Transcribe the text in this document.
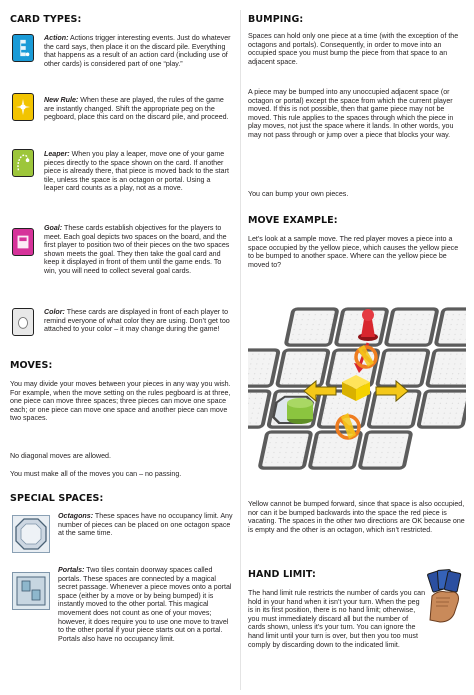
CARD TYPES:

Action: Actions trigger interesting events. Just do whatever the card says, then place it on the discard pile. Everything that happens as a result of an action card (including use of other cards) is considered part of one “play.”

New Rule: When these are played, the rules of the game are instantly changed. Shift the appropriate peg on the pegboard, place this card on the discard pile, and proceed.

Leaper: When you play a leaper, move one of your game pieces directly to the space shown on the card. If another piece is already there, that piece is moved back to the start tile, unless the space is an octagon or portal. Using a leaper card counts as a play, not as a move.

Goal: These cards establish objectives for the players to meet. Each goal depicts two spaces on the board, and the first player to position two of their pieces on the two spaces shown meets the goal. They then take the goal card and keep it displayed in front of them until the game ends. To win, you will need to collect several goal cards.

Color: These cards are displayed in front of each player to remind everyone of what color they are using. Don’t get too attached to your color – it may change during the game!

MOVES:

You may divide your moves between your pieces in any way you wish. For example, when the move setting on the rules pegboard is at three, one piece can move three spaces; three pieces can move one space each; or one piece can move one space and another piece can move two spaces.

No diagonal moves are allowed.

You must make all of the moves you can – no passing.

SPECIAL SPACES:

Octagons: These spaces have no occupancy limit. Any number of pieces can be placed on one octagon space at the same time.

Portals: Two tiles contain doorway spaces called portals. These spaces are connected by a magical secret passage. Whenever a piece moves onto a portal space (either by a move or by being bumped) it is instantly moved to the other portal. This magical movement does not count as one of your moves; however, it does require you to use one move to travel to the other portal if your piece starts out on a portal. Portals also have no occupancy limit.

BUMPING:

Spaces can hold only one piece at a time (with the exception of the octagons and portals). Consequently, in order to move into an occupied space you must bump the piece from that space to an adjacent space.

A piece may be bumped into any unoccupied adjacent space (or octagon or portal) except the space from which the current player moved. If this is not possible, then that game piece may not be moved. This rule applies to the spaces through which the piece in play moves, not just the space where it lands. In other words, you may not pass through or jump over a piece that blocks your way.

You can bump your own pieces.

MOVE EXAMPLE:

Let’s look at a sample move. The red player moves a piece into a space occupied by the yellow piece, which causes the yellow piece to be bumped to another space. Where can the yellow piece be moved to?

Yellow cannot be bumped forward, since that space is also occupied, nor can it be bumped backwards into the space the red piece is vacating. The spaces in the other two directions are OK because one is empty and the other is an octagon, which isn’t restricted.

HAND LIMIT:

The hand limit rule restricts the number of cards you can hold in your hand when it isn’t your turn. When the peg is in its first position, there is no hand limit; otherwise, you must immediately discard all but the number of cards shown, unless it’s your turn. You can ignore the hand limit until your turn is over, but then you too must comply by discarding down to the indicated limit.
